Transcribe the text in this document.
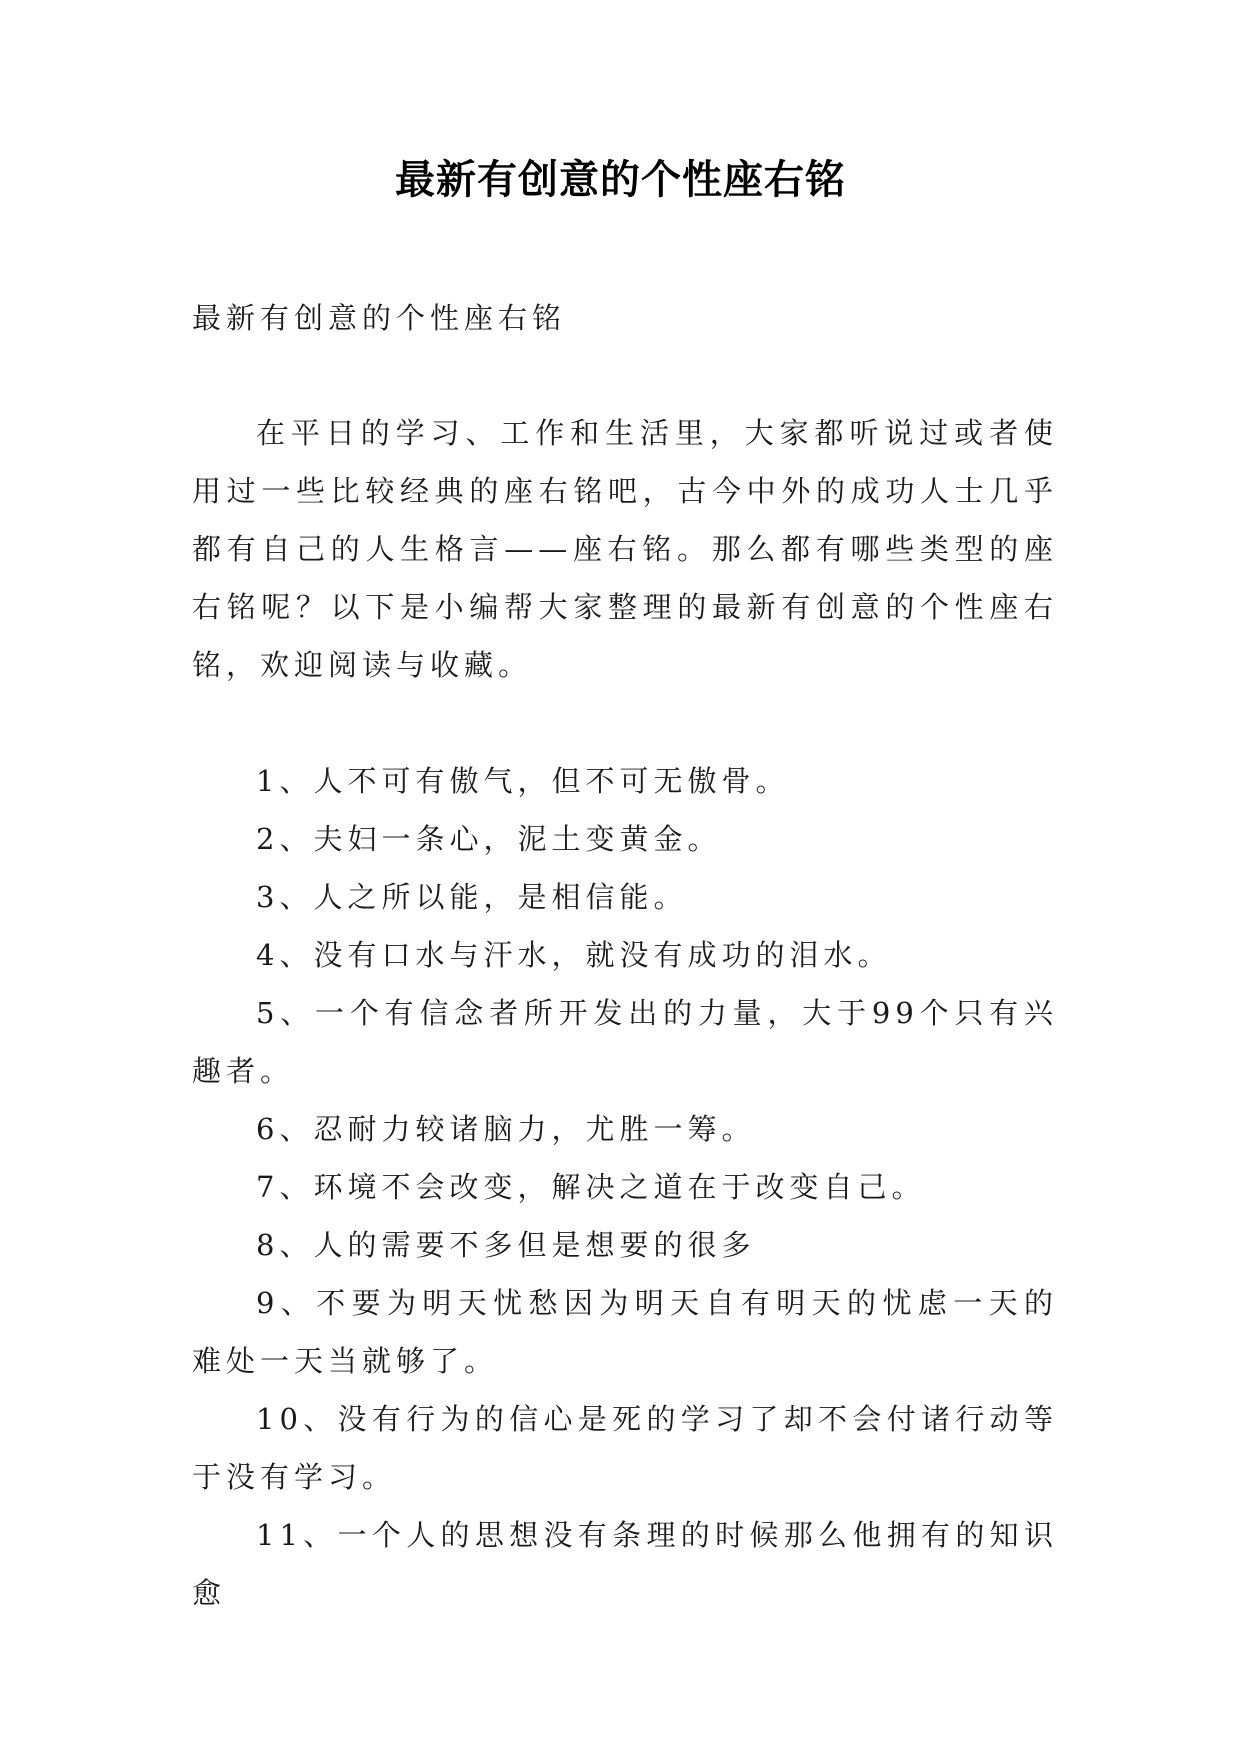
最新有创意的个性座右铭

最新有创意的个性座右铭

在平日的学习、工作和生活里，大家都听说过或者使用过一些比较经典的座右铭吧，古今中外的成功人士几乎都有自己的人生格言——座右铭。那么都有哪些类型的座右铭呢？以下是小编帮大家整理的最新有创意的个性座右铭，欢迎阅读与收藏。

1、人不可有傲气，但不可无傲骨。

2、夫妇一条心，泥土变黄金。

3、人之所以能，是相信能。

4、没有口水与汗水，就没有成功的泪水。

5、一个有信念者所开发出的力量，大于99个只有兴趣者。

6、忍耐力较诸脑力，尤胜一筹。

7、环境不会改变，解决之道在于改变自己。

8、人的需要不多但是想要的很多

9、不要为明天忧愁因为明天自有明天的忧虑一天的难处一天当就够了。

10、没有行为的信心是死的学习了却不会付诸行动等于没有学习。

11、一个人的思想没有条理的时候那么他拥有的知识愈
